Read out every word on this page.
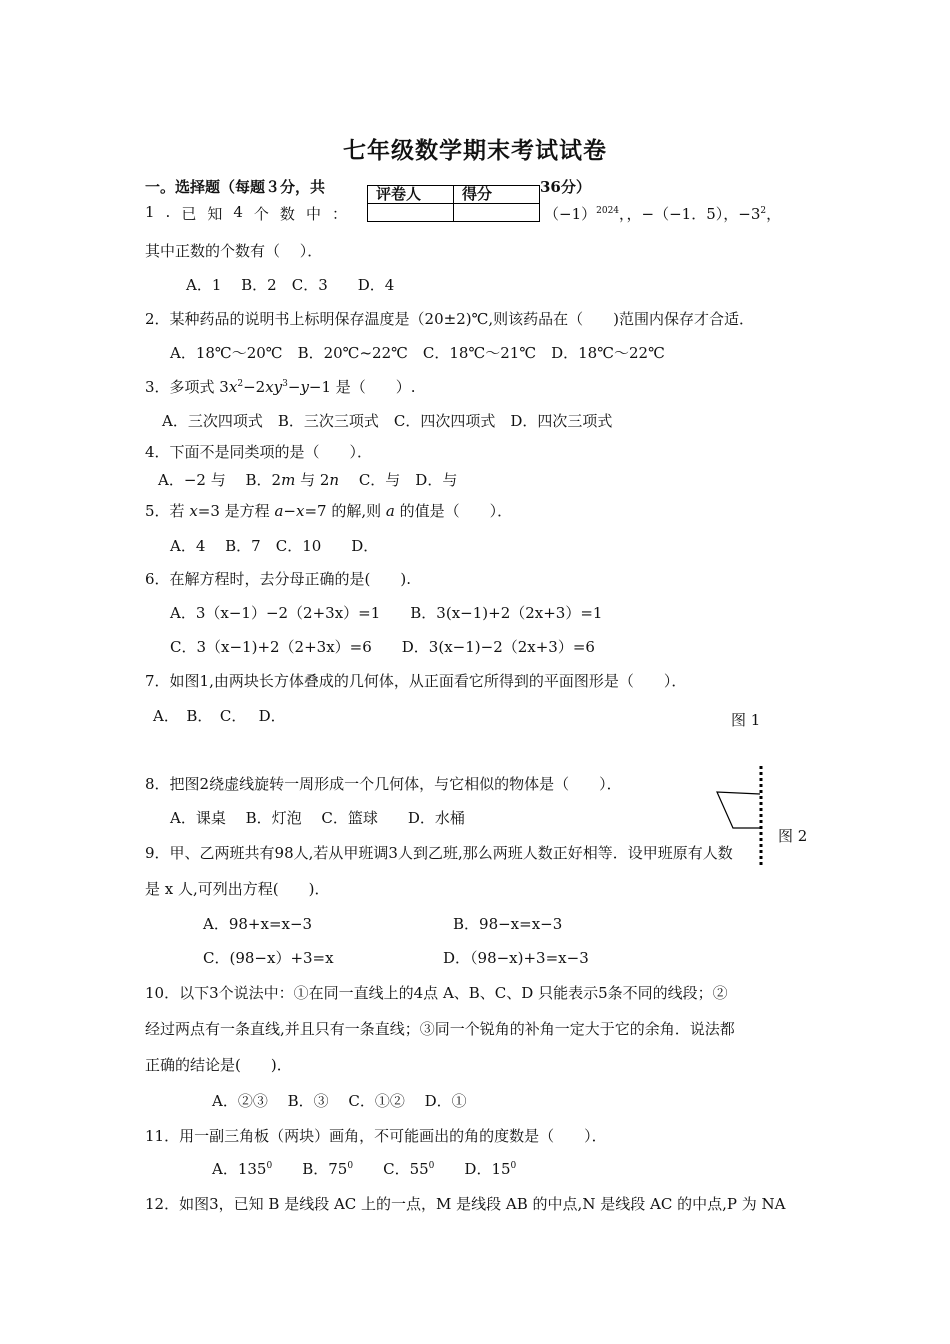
七年级数学期末考试试卷
一。选择题（每题３分，共	36分）
评卷人	得分

1 . 已 知 4 个 数 中 ：	$(-1)^{2024}$，，−（−1．5），$-3^2$，
其中正数的个数有（　 ）．
A．1　 B．2　C．3　　D．4
2．某种药品的说明书上标明保存温度是（20±2)℃,则该药品在（　　)范围内保存才合适．
A．18℃～20℃　B．20℃~22℃　C．18℃～21℃　D．18℃～22℃
3．多项式 $3x^2-2xy^3-y-1$ 是（　　）.
A．三次四项式　B．三次三项式　C．四次四项式　D．四次三项式
4．下面不是同类项的是（　　）．
A．−2 与　 B．2m 与 2n　 C．与　D．与
5．若 x=3 是方程 a−x=7 的解,则 a 的值是（　　）．
A．4　 B．7　C．10　　D．
6．在解方程时，去分母正确的是(　　).
A．3（x−1）−2（2+3x）=1　　B．3(x−1)+2（2x+3）=1
C．3（x−1)+2（2+3x）=6　　D．3(x−1)−2（2x+3）=6
7．如图1,由两块长方体叠成的几何体，从正面看它所得到的平面图形是（　　）．
A．　B．　C．　 D．	图 1
8．把图2绕虚线旋转一周形成一个几何体，与它相似的物体是（　　）．
A．课桌　 B．灯泡　 C．篮球　　D．水桶
图 2
9．甲、乙两班共有98人,若从甲班调3人到乙班,那么两班人数正好相等．设甲班原有人数
是 x 人,可列出方程(　　)．
A．98+x=x−3	B．98−x=x−3
C．(98−x）+3=x	D．（98−x)+3=x−3
10．以下3个说法中：①在同一直线上的4点 A、B、C、D 只能表示5条不同的线段；②
经过两点有一条直线,并且只有一条直线；③同一个锐角的补角一定大于它的余角．说法都
正确的结论是(　　)．
A．②③　 B．③　 C．①②　 D．①
11．用一副三角板（两块）画角，不可能画出的角的度数是（　　）．
A．$135^0$　　 B．$75^0$　　 C．$55^0$　　 D．$15^0$
12．如图3，已知 B 是线段 AC 上的一点，M 是线段 AB 的中点,N 是线段 AC 的中点,P 为 NA
